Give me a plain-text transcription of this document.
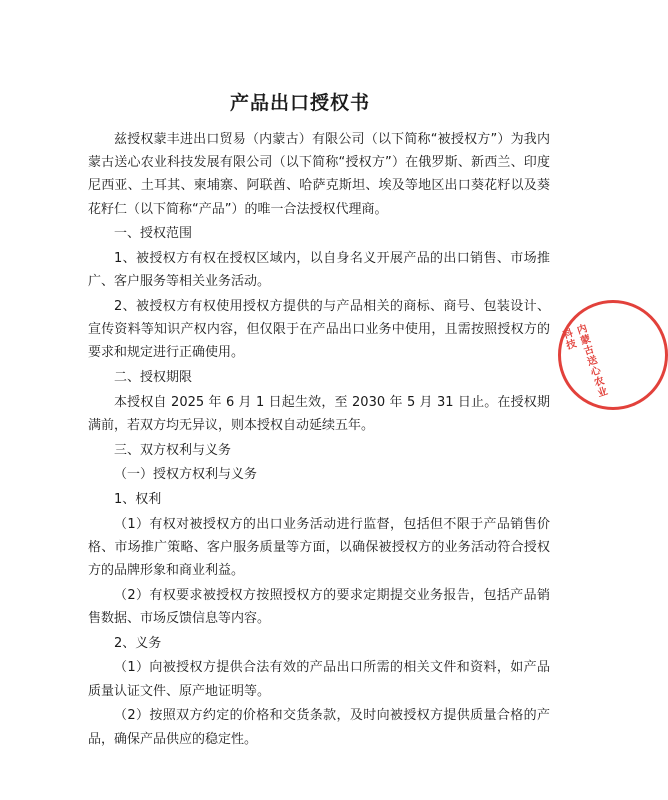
产品出口授权书

兹授权蒙丰进出口贸易（内蒙古）有限公司（以下简称“被授权方”）为我内蒙古送心农业科技发展有限公司（以下简称“授权方”）在俄罗斯、新西兰、印度尼西亚、土耳其、柬埔寨、阿联酋、哈萨克斯坦、埃及等地区出口葵花籽以及葵花籽仁（以下简称“产品”）的唯一合法授权代理商。

一、授权范围

1、被授权方有权在授权区域内，以自身名义开展产品的出口销售、市场推广、客户服务等相关业务活动。

2、被授权方有权使用授权方提供的与产品相关的商标、商号、包装设计、宣传资料等知识产权内容，但仅限于在产品出口业务中使用，且需按照授权方的要求和规定进行正确使用。

二、授权期限

本授权自 2025 年 6 月 1 日起生效，至 2030 年 5 月 31 日止。在授权期满前，若双方均无异议，则本授权自动延续五年。

三、双方权利与义务

（一）授权方权利与义务

1、权利

（1）有权对被授权方的出口业务活动进行监督，包括但不限于产品销售价格、市场推广策略、客户服务质量等方面，以确保被授权方的业务活动符合授权方的品牌形象和商业利益。

（2）有权要求被授权方按照授权方的要求定期提交业务报告，包括产品销售数据、市场反馈信息等内容。

2、义务

（1）向被授权方提供合法有效的产品出口所需的相关文件和资料，如产品质量认证文件、原产地证明等。

（2）按照双方约定的价格和交货条款，及时向被授权方提供质量合格的产品，确保产品供应的稳定性。

内蒙古送心农业科技
